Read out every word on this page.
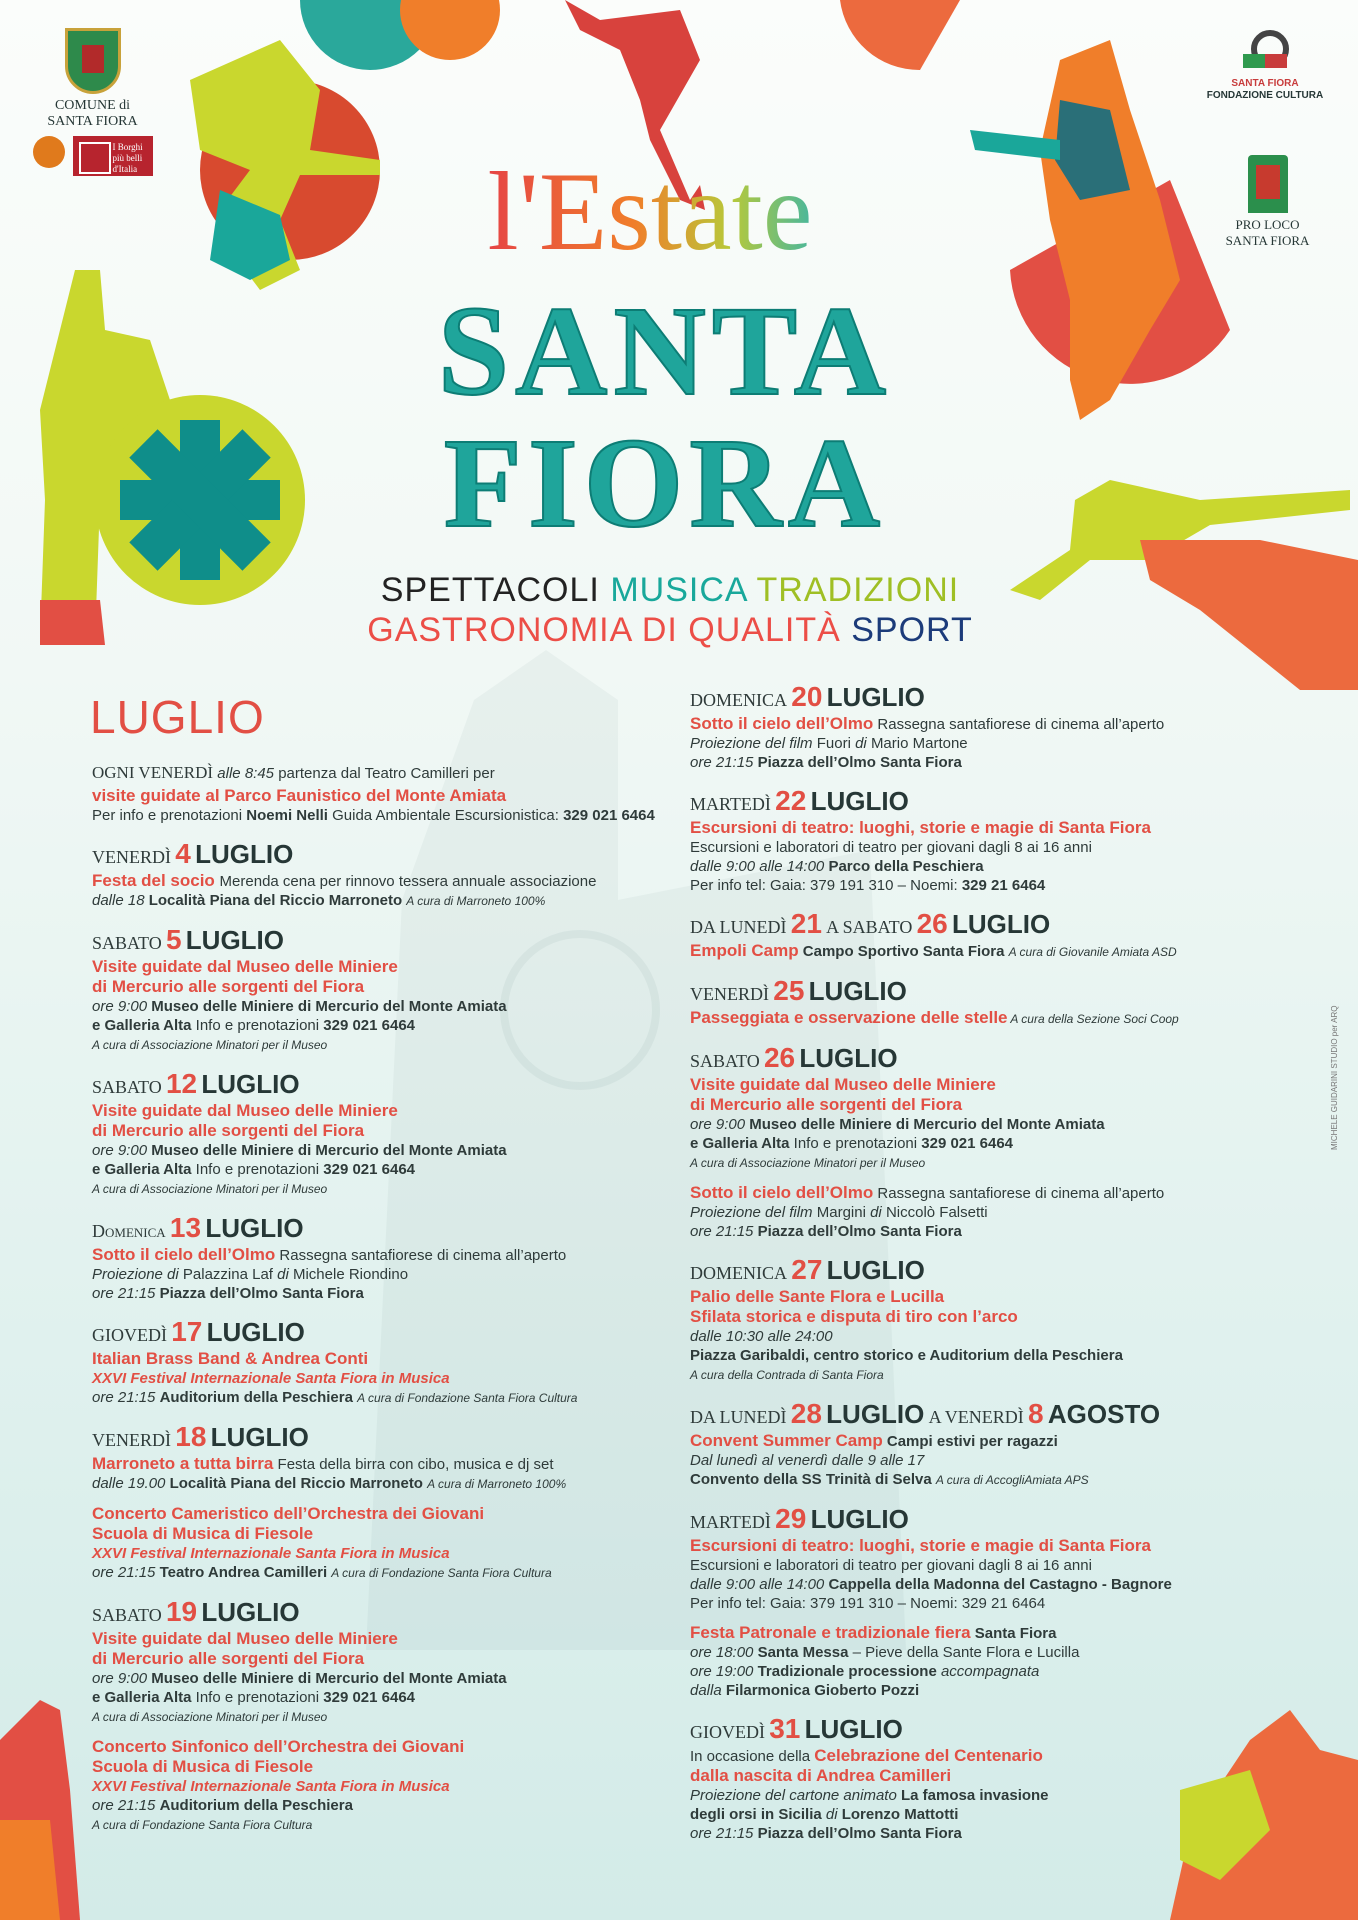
COMUNE di
SANTA FIORA
I Borghi più belli d'Italia
SANTA FIORA
FONDAZIONE CULTURA
PRO LOCO
SANTA FIORA
l'Estate
SANTA
FIORA
SPETTACOLI MUSICA TRADIZIONI
GASTRONOMIA DI QUALITÀ SPORT
LUGLIO
OGNI VENERDÌ alle 8:45 partenza dal Teatro Camilleri per
visite guidate al Parco Faunistico del Monte Amiata
Per info e prenotazioni Noemi Nelli Guida Ambientale Escursionistica: 329 021 6464
VENERDÌ 4 LUGLIO
Festa del socio Merenda cena per rinnovo tessera annuale associazione
dalle 18 Località Piana del Riccio Marroneto A cura di Marroneto 100%
SABATO 5 LUGLIO
Visite guidate dal Museo delle Miniere
di Mercurio alle sorgenti del Fiora
ore 9:00 Museo delle Miniere di Mercurio del Monte Amiata
e Galleria Alta Info e prenotazioni 329 021 6464
A cura di Associazione Minatori per il Museo
SABATO 12 LUGLIO
Visite guidate dal Museo delle Miniere
di Mercurio alle sorgenti del Fiora
ore 9:00 Museo delle Miniere di Mercurio del Monte Amiata
e Galleria Alta Info e prenotazioni 329 021 6464
A cura di Associazione Minatori per il Museo
Domenica 13 LUGLIO
Sotto il cielo dell’Olmo Rassegna santafiorese di cinema all’aperto
Proiezione di Palazzina Laf di Michele Riondino
ore 21:15 Piazza dell’Olmo Santa Fiora
GIOVEDÌ 17 LUGLIO
Italian Brass Band & Andrea Conti
XXVI Festival Internazionale Santa Fiora in Musica
ore 21:15 Auditorium della Peschiera A cura di Fondazione Santa Fiora Cultura
VENERDÌ 18 LUGLIO
Marroneto a tutta birra Festa della birra con cibo, musica e dj set
dalle 19.00 Località Piana del Riccio Marroneto A cura di Marroneto 100%
Concerto Cameristico dell’Orchestra dei Giovani
Scuola di Musica di Fiesole
XXVI Festival Internazionale Santa Fiora in Musica
ore 21:15 Teatro Andrea Camilleri A cura di Fondazione Santa Fiora Cultura
SABATO 19 LUGLIO
Visite guidate dal Museo delle Miniere
di Mercurio alle sorgenti del Fiora
ore 9:00 Museo delle Miniere di Mercurio del Monte Amiata
e Galleria Alta Info e prenotazioni 329 021 6464
A cura di Associazione Minatori per il Museo
Concerto Sinfonico dell’Orchestra dei Giovani
Scuola di Musica di Fiesole
XXVI Festival Internazionale Santa Fiora in Musica
ore 21:15 Auditorium della Peschiera
A cura di Fondazione Santa Fiora Cultura
DOMENICA 20 LUGLIO
Sotto il cielo dell’Olmo Rassegna santafiorese di cinema all’aperto
Proiezione del film Fuori di Mario Martone
ore 21:15 Piazza dell’Olmo Santa Fiora
MARTEDÌ 22 LUGLIO
Escursioni di teatro: luoghi, storie e magie di Santa Fiora
Escursioni e laboratori di teatro per giovani dagli 8 ai 16 anni
dalle 9:00 alle 14:00 Parco della Peschiera
Per info tel: Gaia: 379 191 310 – Noemi: 329 21 6464
DA LUNEDÌ 21 A SABATO 26 LUGLIO
Empoli Camp Campo Sportivo Santa Fiora A cura di Giovanile Amiata ASD
VENERDÌ 25 LUGLIO
Passeggiata e osservazione delle stelle A cura della Sezione Soci Coop
SABATO 26 LUGLIO
Visite guidate dal Museo delle Miniere
di Mercurio alle sorgenti del Fiora
ore 9:00 Museo delle Miniere di Mercurio del Monte Amiata
e Galleria Alta Info e prenotazioni 329 021 6464
A cura di Associazione Minatori per il Museo
Sotto il cielo dell’Olmo Rassegna santafiorese di cinema all’aperto
Proiezione del film Margini di Niccolò Falsetti
ore 21:15 Piazza dell’Olmo Santa Fiora
DOMENICA 27 LUGLIO
Palio delle Sante Flora e Lucilla
Sfilata storica e disputa di tiro con l’arco
dalle 10:30 alle 24:00
Piazza Garibaldi, centro storico e Auditorium della Peschiera
A cura della Contrada di Santa Fiora
DA LUNEDÌ 28 LUGLIO A VENERDÌ 8 AGOSTO
Convent Summer Camp Campi estivi per ragazzi
Dal lunedì al venerdì dalle 9 alle 17
Convento della SS Trinità di Selva A cura di AccogliAmiata APS
MARTEDÌ 29 LUGLIO
Escursioni di teatro: luoghi, storie e magie di Santa Fiora
Escursioni e laboratori di teatro per giovani dagli 8 ai 16 anni
dalle 9:00 alle 14:00 Cappella della Madonna del Castagno - Bagnore
Per info tel: Gaia: 379 191 310 – Noemi: 329 21 6464
Festa Patronale e tradizionale fiera Santa Fiora
ore 18:00 Santa Messa – Pieve della Sante Flora e Lucilla
ore 19:00 Tradizionale processione accompagnata
dalla Filarmonica Gioberto Pozzi
GIOVEDÌ 31 LUGLIO
In occasione della Celebrazione del Centenario
dalla nascita di Andrea Camilleri
Proiezione del cartone animato La famosa invasione
degli orsi in Sicilia di Lorenzo Mattotti
ore 21:15 Piazza dell’Olmo Santa Fiora
MICHELE GUIDARINI STUDIO per ARQ
